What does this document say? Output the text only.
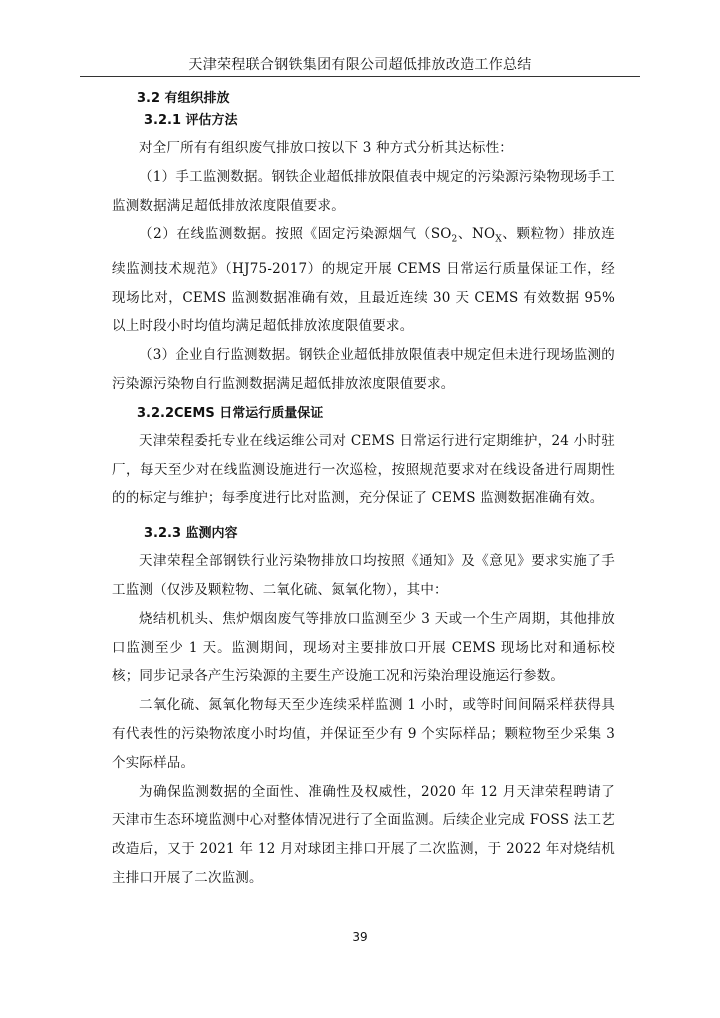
天津荣程联合钢铁集团有限公司超低排放改造工作总结
3.2 有组织排放
3.2.1 评估方法

对全厂所有有组织废气排放口按以下 3 种方式分析其达标性：

（1）手工监测数据。钢铁企业超低排放限值表中规定的污染源污染物现场手工监测数据满足超低排放浓度限值要求。

（2）在线监测数据。按照《固定污染源烟气（$SO_2$、$NO_X$、颗粒物）排放连续监测技术规范》（HJ75-2017）的规定开展 CEMS 日常运行质量保证工作，经现场比对，CEMS 监测数据准确有效，且最近连续 30 天 CEMS 有效数据 95%以上时段小时均值均满足超低排放浓度限值要求。

（3）企业自行监测数据。钢铁企业超低排放限值表中规定但未进行现场监测的污染源污染物自行监测数据满足超低排放浓度限值要求。

3.2.2CEMS 日常运行质量保证

天津荣程委托专业在线运维公司对 CEMS 日常运行进行定期维护，24 小时驻厂，每天至少对在线监测设施进行一次巡检，按照规范要求对在线设备进行周期性的的标定与维护；每季度进行比对监测，充分保证了 CEMS 监测数据准确有效。

3.2.3 监测内容

天津荣程全部钢铁行业污染物排放口均按照《通知》及《意见》要求实施了手工监测（仅涉及颗粒物、二氧化硫、氮氧化物），其中：

烧结机机头、焦炉烟囱废气等排放口监测至少 3 天或一个生产周期，其他排放口监测至少 1 天。监测期间，现场对主要排放口开展 CEMS 现场比对和通标校核；同步记录各产生污染源的主要生产设施工况和污染治理设施运行参数。

二氧化硫、氮氧化物每天至少连续采样监测 1 小时，或等时间间隔采样获得具有代表性的污染物浓度小时均值，并保证至少有 9 个实际样品；颗粒物至少采集 3 个实际样品。

为确保监测数据的全面性、准确性及权威性，2020 年 12 月天津荣程聘请了天津市生态环境监测中心对整体情况进行了全面监测。后续企业完成 FOSS 法工艺改造后，又于 2021 年 12 月对球团主排口开展了二次监测，于 2022 年对烧结机主排口开展了二次监测。

39
